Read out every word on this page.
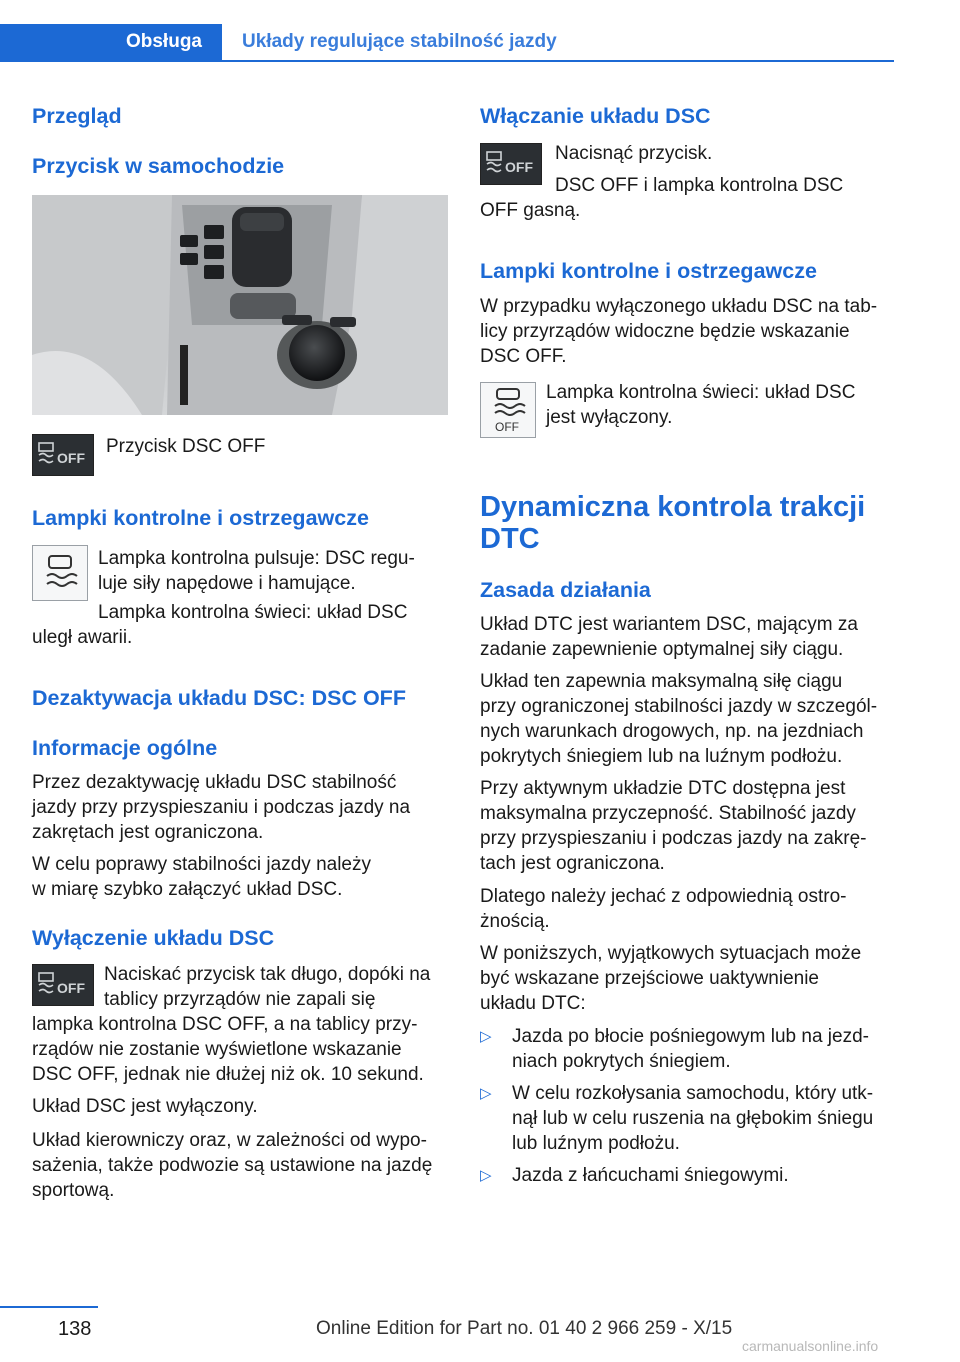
Obsługa	Układy regulujące stabilność jazdy
Przegląd
Przycisk w samochodzie
OFF
Przycisk DSC OFF
Lampki kontrolne i ostrzegawcze
Lampka kontrolna pulsuje: DSC regu‐
luje siły napędowe i hamujące.
Lampka kontrolna świeci: układ DSC
uległ awarii.
Dezaktywacja układu DSC: DSC OFF
Informacje ogólne
Przez dezaktywację układu DSC stabilność
jazdy przy przyspieszaniu i podczas jazdy na
zakrętach jest ograniczona.
W celu poprawy stabilności jazdy należy
w miarę szybko załączyć układ DSC.
Wyłączenie układu DSC
OFF
Naciskać przycisk tak długo, dopóki na
tablicy przyrządów nie zapali się
lampka kontrolna DSC OFF, a na tablicy przy‐
rządów nie zostanie wyświetlone wskazanie
DSC OFF, jednak nie dłużej niż ok. 10 sekund.
Układ DSC jest wyłączony.
Układ kierowniczy oraz, w zależności od wypo‐
sażenia, także podwozie są ustawione na jazdę
sportową.
Włączanie układu DSC
OFF
Nacisnąć przycisk.
DSC OFF i lampka kontrolna DSC
OFF gasną.
Lampki kontrolne i ostrzegawcze
W przypadku wyłączonego układu DSC na tab‐
licy przyrządów widoczne będzie wskazanie
DSC OFF.
OFF
Lampka kontrolna świeci: układ DSC
jest wyłączony.
Dynamiczna kontrola trakcji
DTC
Zasada działania
Układ DTC jest wariantem DSC, mającym za
zadanie zapewnienie optymalnej siły ciągu.
Układ ten zapewnia maksymalną siłę ciągu
przy ograniczonej stabilności jazdy w szczegól‐
nych warunkach drogowych, np. na jezdniach
pokrytych śniegiem lub na luźnym podłożu.
Przy aktywnym układzie DTC dostępna jest
maksymalna przyczepność. Stabilność jazdy
przy przyspieszaniu i podczas jazdy na zakrę‐
tach jest ograniczona.
Dlatego należy jechać z odpowiednią ostro‐
żnością.
W poniższych, wyjątkowych sytuacjach może
być wskazane przejściowe uaktywnienie
układu DTC:
▷ Jazda po błocie pośniegowym lub na jezd‐
niach pokrytych śniegiem.
▷ W celu rozkołysania samochodu, który utk‐
nął lub w celu ruszenia na głębokim śniegu
lub luźnym podłożu.
▷ Jazda z łańcuchami śniegowymi.
138	Online Edition for Part no. 01 40 2 966 259 - X/15
carmanualsonline.info
